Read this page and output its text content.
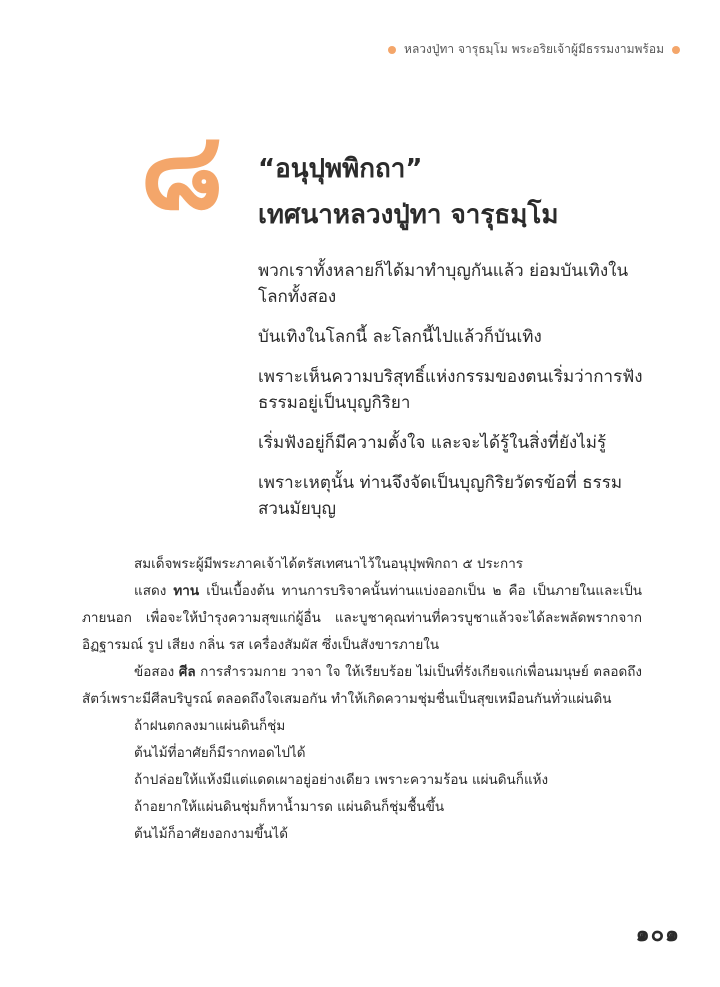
หลวงปู่ทา จารุธมฺโม พระอริยเจ้าผู้มีธรรมงามพร้อม
๘	“อนุปุพพิกถา”
เทศนาหลวงปู่ทา จารุธมฺโม

พวกเราทั้งหลายก็ได้มาทำบุญกันแล้ว ย่อมบันเทิงในโลกทั้งสอง

บันเทิงในโลกนี้ ละโลกนี้ไปแล้วก็บันเทิง

เพราะเห็นความบริสุทธิ์แห่งกรรมของตนเริ่มว่าการฟังธรรมอยู่เป็นบุญกิริยา

เริ่มฟังอยู่ก็มีความตั้งใจ และจะได้รู้ในสิ่งที่ยังไม่รู้

เพราะเหตุนั้น ท่านจึงจัดเป็นบุญกิริยวัตรข้อที่ ธรรมสวนมัยบุญ

สมเด็จพระผู้มีพระภาคเจ้าได้ตรัสเทศนาไว้ในอนุปุพพิกถา ๕ ประการ

แสดง ทาน เป็นเบื้องต้น ทานการบริจาคนั้นท่านแบ่งออกเป็น ๒ คือ เป็นภายในและเป็นภายนอก เพื่อจะให้บำรุงความสุขแก่ผู้อื่น และบูชาคุณท่านที่ควรบูชาแล้วจะได้ละพลัดพรากจากอิฏฐารมณ์ รูป เสียง กลิ่น รส เครื่องสัมผัส ซึ่งเป็นสังขารภายใน

ข้อสอง ศีล การสำรวมกาย วาจา ใจ ให้เรียบร้อย ไม่เป็นที่รังเกียจแก่เพื่อนมนุษย์ ตลอดถึงสัตว์เพราะมีศีลบริบูรณ์ ตลอดถึงใจเสมอกัน ทำให้เกิดความชุ่มชื่นเป็นสุขเหมือนกันทั่วแผ่นดิน

ถ้าฝนตกลงมาแผ่นดินก็ชุ่ม
ต้นไม้ที่อาศัยก็มีรากทอดไปได้
ถ้าปล่อยให้แห้งมีแต่แดดเผาอยู่อย่างเดียว เพราะความร้อน แผ่นดินก็แห้ง
ถ้าอยากให้แผ่นดินชุ่มก็หาน้ำมารด แผ่นดินก็ชุ่มชื้นขึ้น
ต้นไม้ก็อาศัยงอกงามขึ้นได้
๑๐๑
